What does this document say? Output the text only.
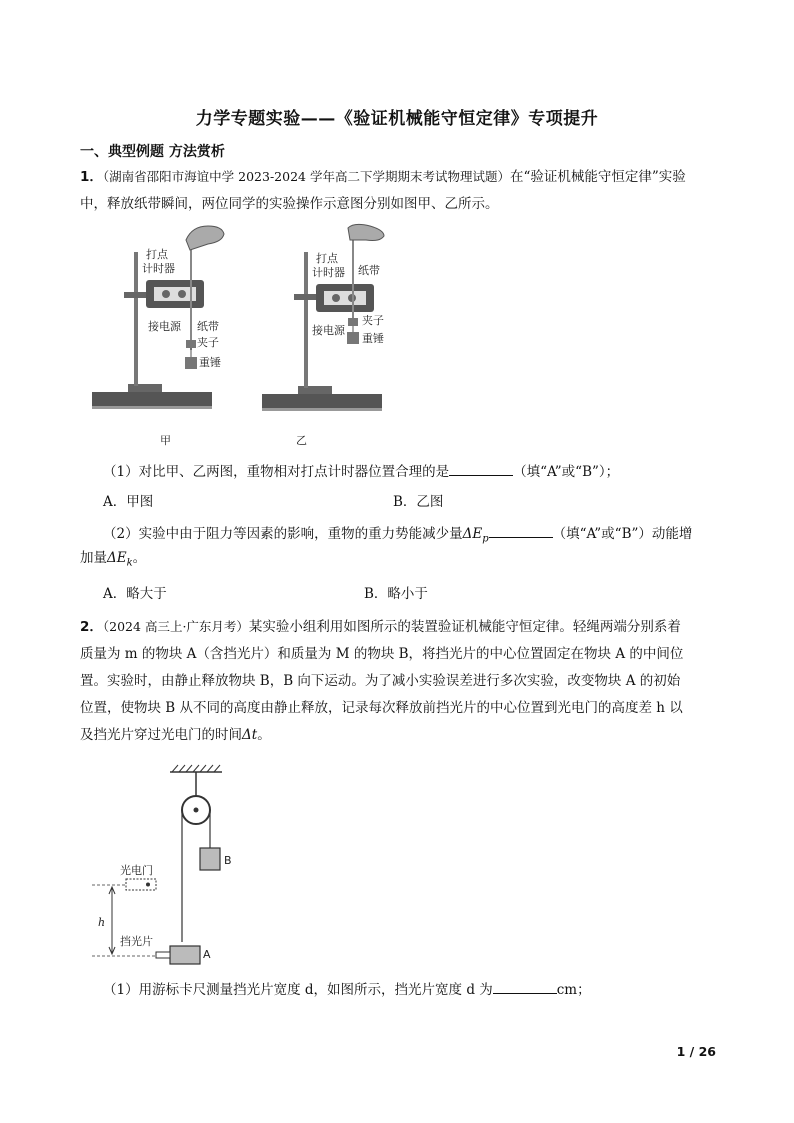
力学专题实验——《验证机械能守恒定律》专项提升
一、典型例题 方法赏析
1．（湖南省邵阳市海谊中学 2023-2024 学年高二下学期期末考试物理试题）在“验证机械能守恒定律”实验
中，释放纸带瞬间，两位同学的实验操作示意图分别如图甲、乙所示。
打点
计时器
接电源 纸带
夹子
重锤
甲
打点
计时器 纸带
接电源
夹子
重锤
乙
（1）对比甲、乙两图，重物相对打点计时器位置合理的是	（填“A”或“B”）；
A．甲图	B．乙图
（2）实验中由于阻力等因素的影响，重物的重力势能减少量$\Delta E_p$	（填“A”或“B”）动能增
加量$\Delta E_k$。
A．略大于	B．略小于
2．（2024 高三上·广东月考）某实验小组利用如图所示的装置验证机械能守恒定律。轻绳两端分别系着
质量为 m 的物块 A（含挡光片）和质量为 M 的物块 B，将挡光片的中心位置固定在物块 A 的中间位
置。实验时，由静止释放物块 B，B 向下运动。为了减小实验误差进行多次实验，改变物块 A 的初始
位置，使物块 B 从不同的高度由静止释放，记录每次释放前挡光片的中心位置到光电门的高度差 h 以
及挡光片穿过光电门的时间Δt。
B
A
光电门
h
挡光片
（1）用游标卡尺测量挡光片宽度 d，如图所示，挡光片宽度 d 为	cm；
1 / 26
